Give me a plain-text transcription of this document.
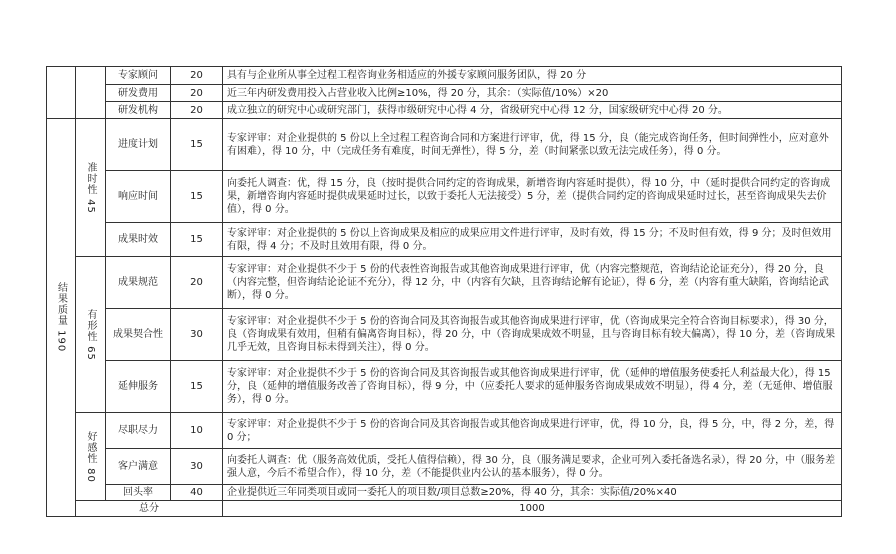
		专家顾问	20	具有与企业所从事全过程工程咨询业务相适应的外援专家顾问服务团队，得 20 分	
		研发费用	20	近三年内研发费用投入占营业收入比例≥10%，得 20 分，其余：（实际值/10%）×20	
		研发机构	20	成立独立的研究中心或研究部门，获得市级研究中心得 4 分，省级研究中心得 12 分，国家级研究中心得 20 分。	
结果质量 190	准时性 45	进度计划	15	专家评审：对企业提供的 5 份以上全过程工程咨询合同和方案进行评审，优，得 15 分，良（能完成咨询任务，但时间弹性小，应对意外有困难），得 10 分，中（完成任务有难度，时间无弹性），得 5 分，差（时间紧张以致无法完成任务），得 0 分。	
		响应时间	15	向委托人调查：优，得 15 分，良（按时提供合同约定的咨询成果，新增咨询内容延时提供），得 10 分，中（延时提供合同约定的咨询成果，新增咨询内容延时提供成果延时过长，以致于委托人无法接受）5 分，差（提供合同约定的咨询成果延时过长，甚至咨询成果失去价值），得 0 分。	
		成果时效	15	专家评审：对企业提供的 5 份以上咨询成果及相应的成果应用文件进行评审，及时有效，得 15 分；不及时但有效，得 9 分；及时但效用有限，得 4 分；不及时且效用有限，得 0 分。	
	有形性 65	成果规范	20	专家评审：对企业提供不少于 5 份的代表性咨询报告或其他咨询成果进行评审，优（内容完整规范，咨询结论论证充分），得 20 分，良（内容完整，但咨询结论论证不充分），得 12 分，中（内容有欠缺，且咨询结论解有论证），得 6 分，差（内容有重大缺陷，咨询结论武断），得 0 分。	
		成果契合性	30	专家评审：对企业提供不少于 5 份的咨询合同及其咨询报告或其他咨询成果进行评审，优（咨询成果完全符合咨询目标要求），得 30 分，良（咨询成果有效用，但稍有偏离咨询目标），得 20 分，中（咨询成果成效不明显，且与咨询目标有较大偏离），得 10 分，差（咨询成果几乎无效，且咨询目标未得到关注），得 0 分。	
		延伸服务	15	专家评审：对企业提供不少于 5 份的咨询合同及其咨询报告或其他咨询成果进行评审，优（延伸的增值服务使委托人利益最大化），得 15 分，良（延伸的增值服务改善了咨询目标），得 9 分，中（应委托人要求的延伸服务咨询成果成效不明显），得 4 分，差（无延伸、增值服务），得 0 分。	
	好感性 80	尽职尽力	10	专家评审：对企业提供不少于 5 份的咨询合同及其咨询报告或其他咨询成果进行评审，优，得 10 分，良，得 5 分，中，得 2 分，差，得 0 分；	
		客户满意	30	向委托人调查：优（服务高效优质，受托人值得信赖），得 30 分，良（服务满足要求，企业可列入委托备选名录），得 20 分，中（服务差强人意，今后不希望合作），得 10 分，差（不能提供业内公认的基本服务），得 0 分。	
		回头率	40	企业提供近三年同类项目或同一委托人的项目数/项目总数≥20%，得 40 分，其余：实际值/20%×40	
	总分			1000	
